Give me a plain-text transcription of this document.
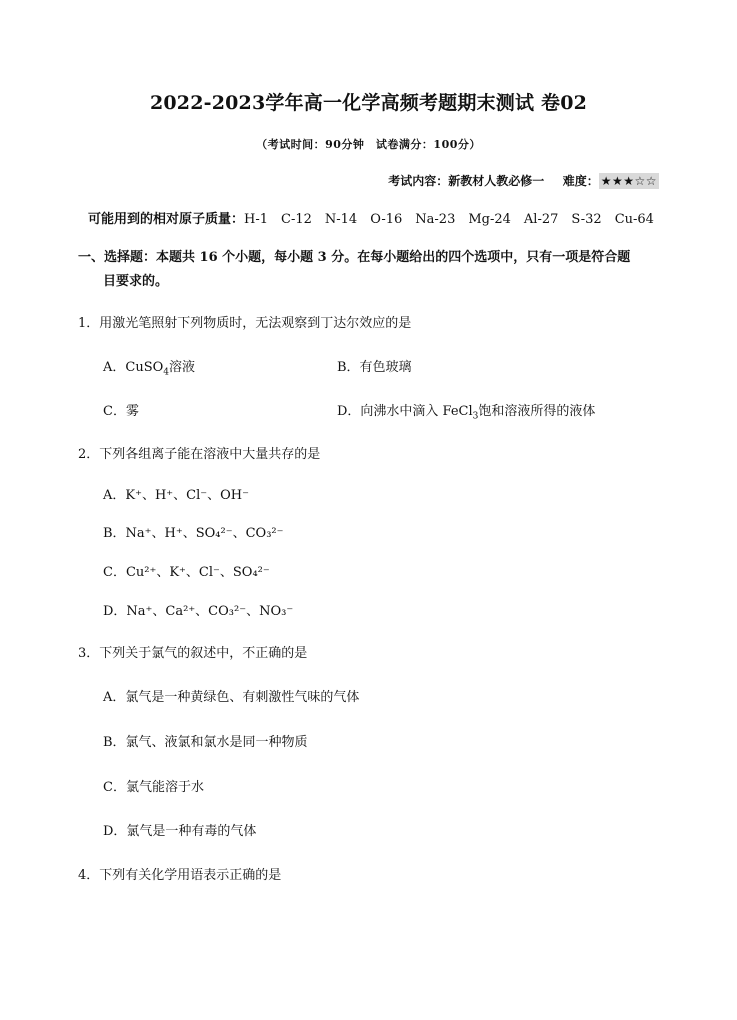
2022-2023学年高一化学高频考题期末测试 卷02
（考试时间：90分钟　试卷满分：100分）
考试内容：新教材人教必修一 难度： ★★★☆☆
可能用到的相对原子质量：H-1　C-12　N-14　O-16　Na-23　Mg-24　Al-27　S-32　Cu-64
一、选择题：本题共 16 个小题，每小题 3 分。在每小题给出的四个选项中，只有一项是符合题
目要求的。
1．用激光笔照射下列物质时，无法观察到丁达尔效应的是
A．CuSO$_4$溶液	B．有色玻璃
C．雾	D．向沸水中滴入 FeCl$_3$饱和溶液所得的液体
2．下列各组离子能在溶液中大量共存的是
A．K⁺、H⁺、Cl⁻、OH⁻
B．Na⁺、H⁺、SO₄²⁻、CO₃²⁻
C．Cu²⁺、K⁺、Cl⁻、SO₄²⁻
D．Na⁺、Ca²⁺、CO₃²⁻、NO₃⁻
3．下列关于氯气的叙述中，不正确的是
A．氯气是一种黄绿色、有刺激性气味的气体
B．氯气、液氯和氯水是同一种物质
C．氯气能溶于水
D．氯气是一种有毒的气体
4．下列有关化学用语表示正确的是
